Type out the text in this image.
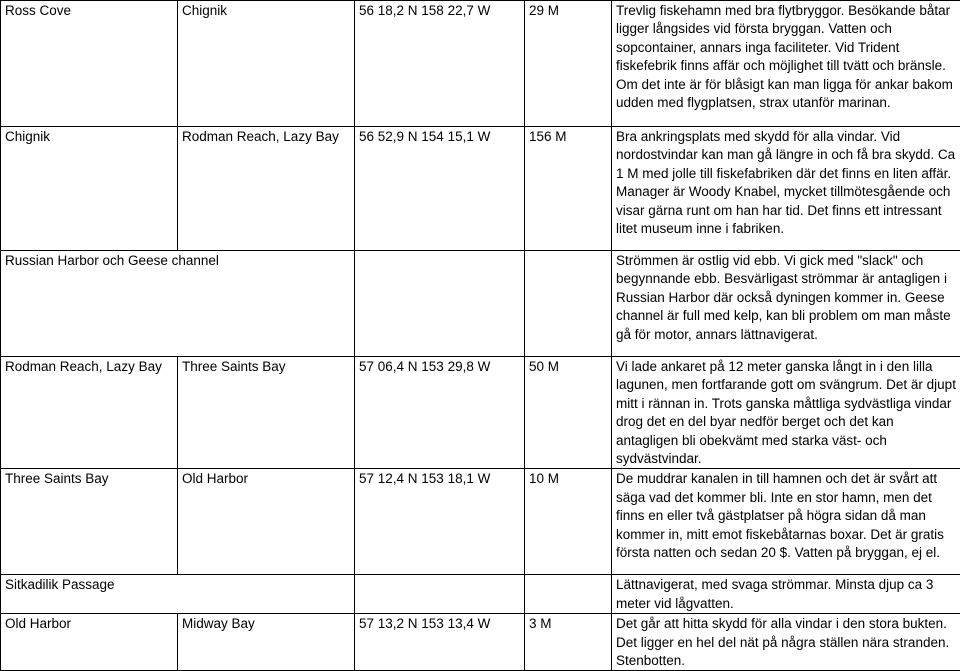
Ross Cove	Chignik	56 18,2 N 158 22,7 W	29 M	Trevlig fiskehamn med bra flytbryggor. Besökande båtar ligger långsides vid första bryggan. Vatten och sopcontainer, annars inga faciliteter. Vid Trident fiskefebrik finns affär och möjlighet till tvätt och bränsle. Om det inte är för blåsigt kan man ligga för ankar bakom udden med flygplatsen, strax utanför marinan.
Chignik	Rodman Reach, Lazy Bay	56 52,9 N 154 15,1 W	156 M	Bra ankringsplats med skydd för alla vindar. Vid nordostvindar kan man gå längre in och få bra skydd. Ca 1 M med jolle till fiskefabriken där det finns en liten affär. Manager är Woody Knabel, mycket tillmötesgående och visar gärna runt om han har tid. Det finns ett intressant litet museum inne i fabriken.
Russian Harbor och Geese channel				Strömmen är ostlig vid ebb. Vi gick med "slack" och begynnande ebb. Besvärligast strömmar är antagligen i Russian Harbor där också dyningen kommer in. Geese channel är full med kelp, kan bli problem om man måste gå för motor, annars lättnavigerat.
Rodman Reach, Lazy Bay	Three Saints Bay	57 06,4 N 153 29,8 W	50 M	Vi lade ankaret på 12 meter ganska långt in i den lilla lagunen, men fortfarande gott om svängrum. Det är djupt mitt i rännan in. Trots ganska måttliga sydvästliga vindar drog det en del byar nedför berget och det kan antagligen bli obekvämt med starka väst- och sydvästvindar.
Three Saints Bay	Old Harbor	57 12,4 N 153 18,1 W	10 M	De muddrar kanalen in till hamnen och det är svårt att säga vad det kommer bli. Inte en stor hamn, men det finns en eller två gästplatser på högra sidan då man kommer in, mitt emot fiskebåtarnas boxar. Det är gratis första natten och sedan 20 $. Vatten på bryggan, ej el.
Sitkadilik Passage				Lättnavigerat, med svaga strömmar. Minsta djup ca 3 meter vid lågvatten.
Old Harbor	Midway Bay	57 13,2 N 153 13,4 W	3 M	Det går att hitta skydd för alla vindar i den stora bukten. Det ligger en hel del nät på några ställen nära stranden. Stenbotten.
